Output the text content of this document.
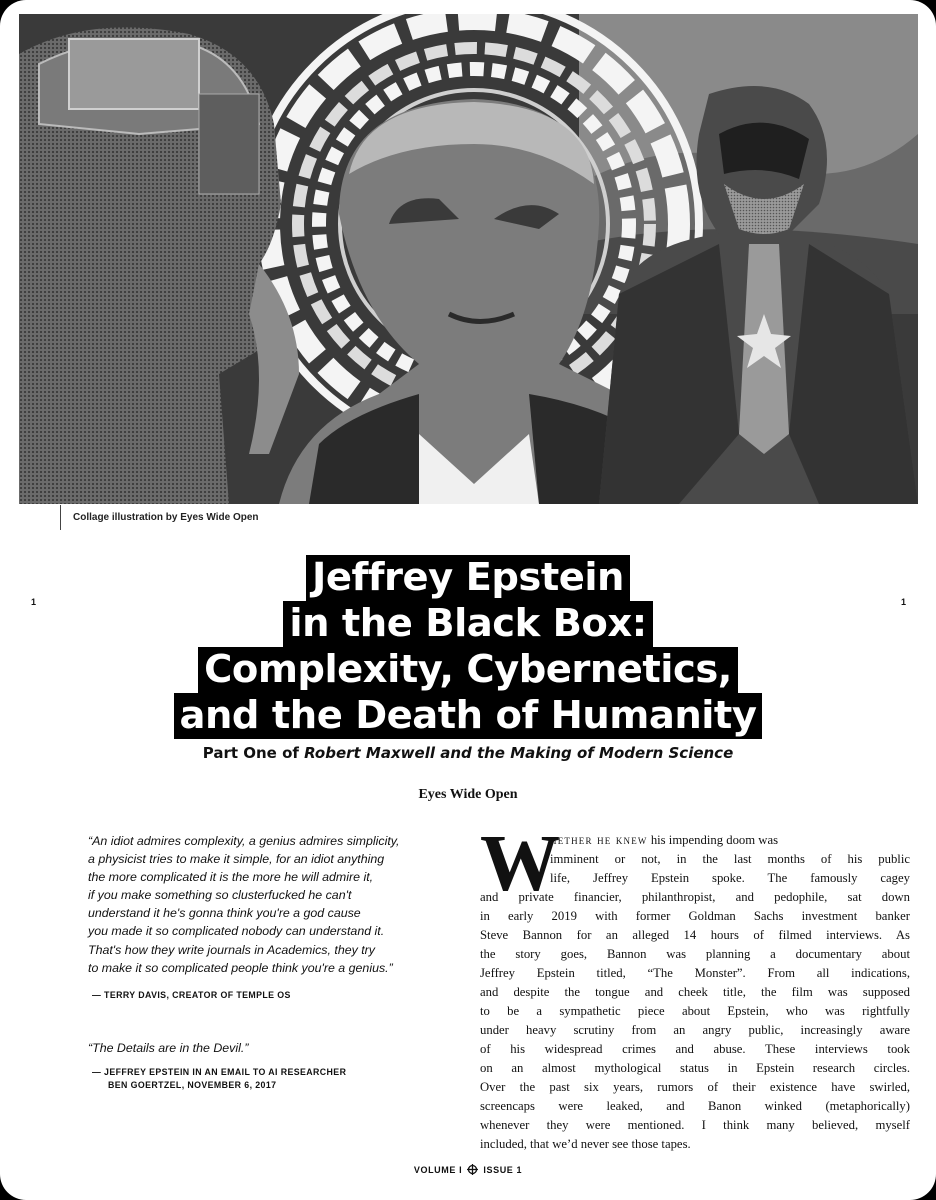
Collage illustration by Eyes Wide Open
1	1
Jeffrey Epstein
in the Black Box:
Complexity, Cybernetics,
and the Death of Humanity
Part One of Robert Maxwell and the Making of Modern Science
Eyes Wide Open
“An idiot admires complexity, a genius admires simplicity,
a physicist tries to make it simple, for an idiot anything
the more complicated it is the more he will admire it,
if you make something so clusterfucked he can't
understand it he's gonna think you're a god cause
you made it so complicated nobody can understand it.
That's how they write journals in Academics, they try
to make it so complicated people think you're a genius.”
— TERRY DAVIS, CREATOR OF TEMPLE OS
“The Details are in the Devil.”
— JEFFREY EPSTEIN IN AN EMAIL TO AI RESEARCHER
BEN GOERTZEL, NOVEMBER 6, 2017
W
hether he knew his impending doom was
imminent or not, in the last months of his public
life, Jeffrey Epstein spoke. The famously cagey
and private financier, philanthropist, and pedophile, sat down
in early 2019 with former Goldman Sachs investment banker
Steve Bannon for an alleged 14 hours of filmed interviews. As
the story goes, Bannon was planning a documentary about
Jeffrey Epstein titled, “The Monster”. From all indications,
and despite the tongue and cheek title, the film was supposed
to be a sympathetic piece about Epstein, who was rightfully
under heavy scrutiny from an angry public, increasingly aware
of his widespread crimes and abuse. These interviews took
on an almost mythological status in Epstein research circles.
Over the past six years, rumors of their existence have swirled,
screencaps were leaked, and Banon winked (metaphorically)
whenever they were mentioned. I think many believed, myself
included, that we’d never see those tapes.
VOLUME I ISSUE 1
